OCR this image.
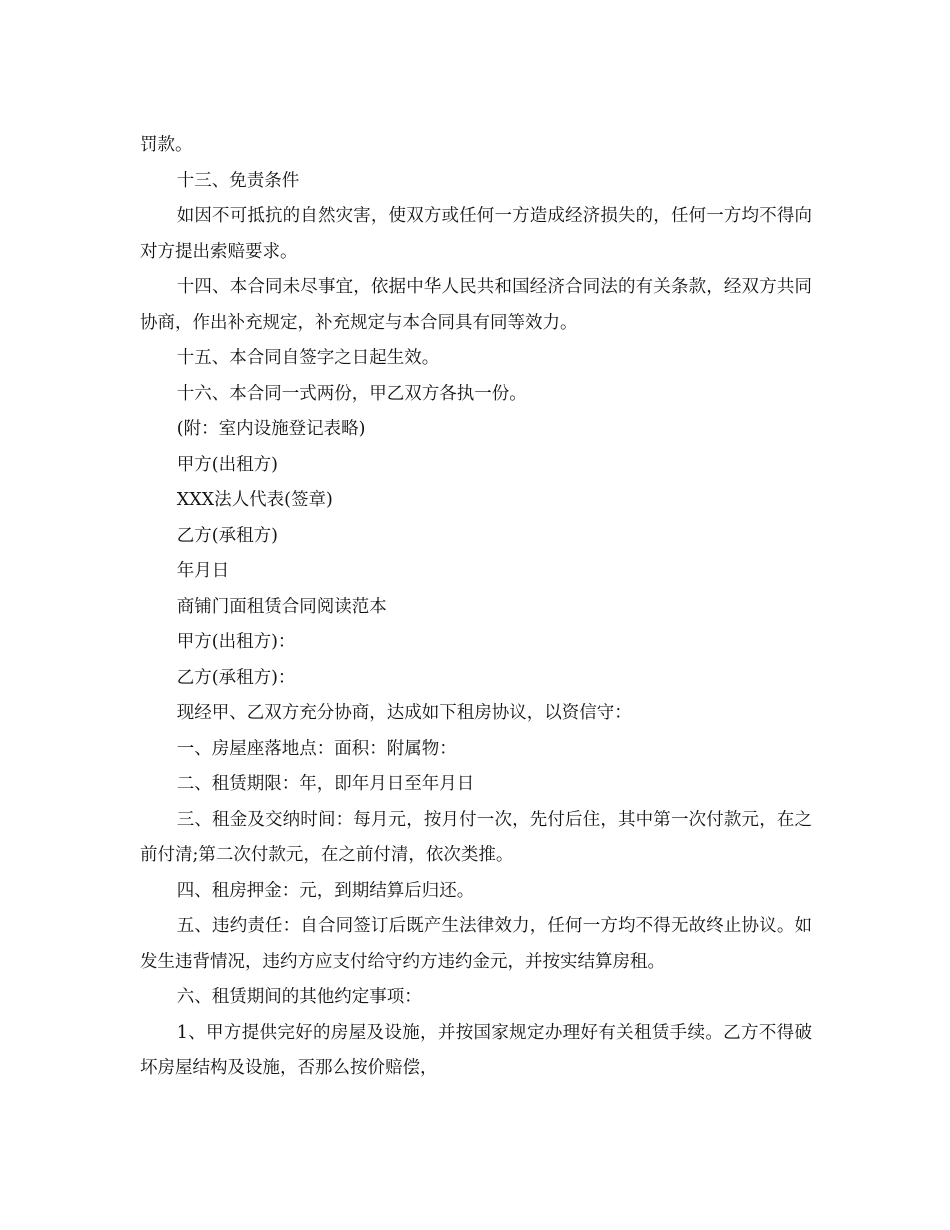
罚款。

十三、免责条件

如因不可抵抗的自然灾害，使双方或任何一方造成经济损失的，任何一方均不得向对方提出索赔要求。

十四、本合同未尽事宜，依据中华人民共和国经济合同法的有关条款，经双方共同协商，作出补充规定，补充规定与本合同具有同等效力。

十五、本合同自签字之日起生效。

十六、本合同一式两份，甲乙双方各执一份。

(附：室内设施登记表略)

甲方(出租方)

XXX法人代表(签章)

乙方(承租方)

年月日

商铺门面租赁合同阅读范本

甲方(出租方)：

乙方(承租方)：

现经甲、乙双方充分协商，达成如下租房协议，以资信守：

一、房屋座落地点：面积：附属物：

二、租赁期限：年，即年月日至年月日

三、租金及交纳时间：每月元，按月付一次，先付后住，其中第一次付款元，在之前付清;第二次付款元，在之前付清，依次类推。

四、租房押金：元，到期结算后归还。

五、违约责任：自合同签订后既产生法律效力，任何一方均不得无故终止协议。如发生违背情况，违约方应支付给守约方违约金元，并按实结算房租。

六、租赁期间的其他约定事项：

1、甲方提供完好的房屋及设施，并按国家规定办理好有关租赁手续。乙方不得破坏房屋结构及设施，否那么按价赔偿，
